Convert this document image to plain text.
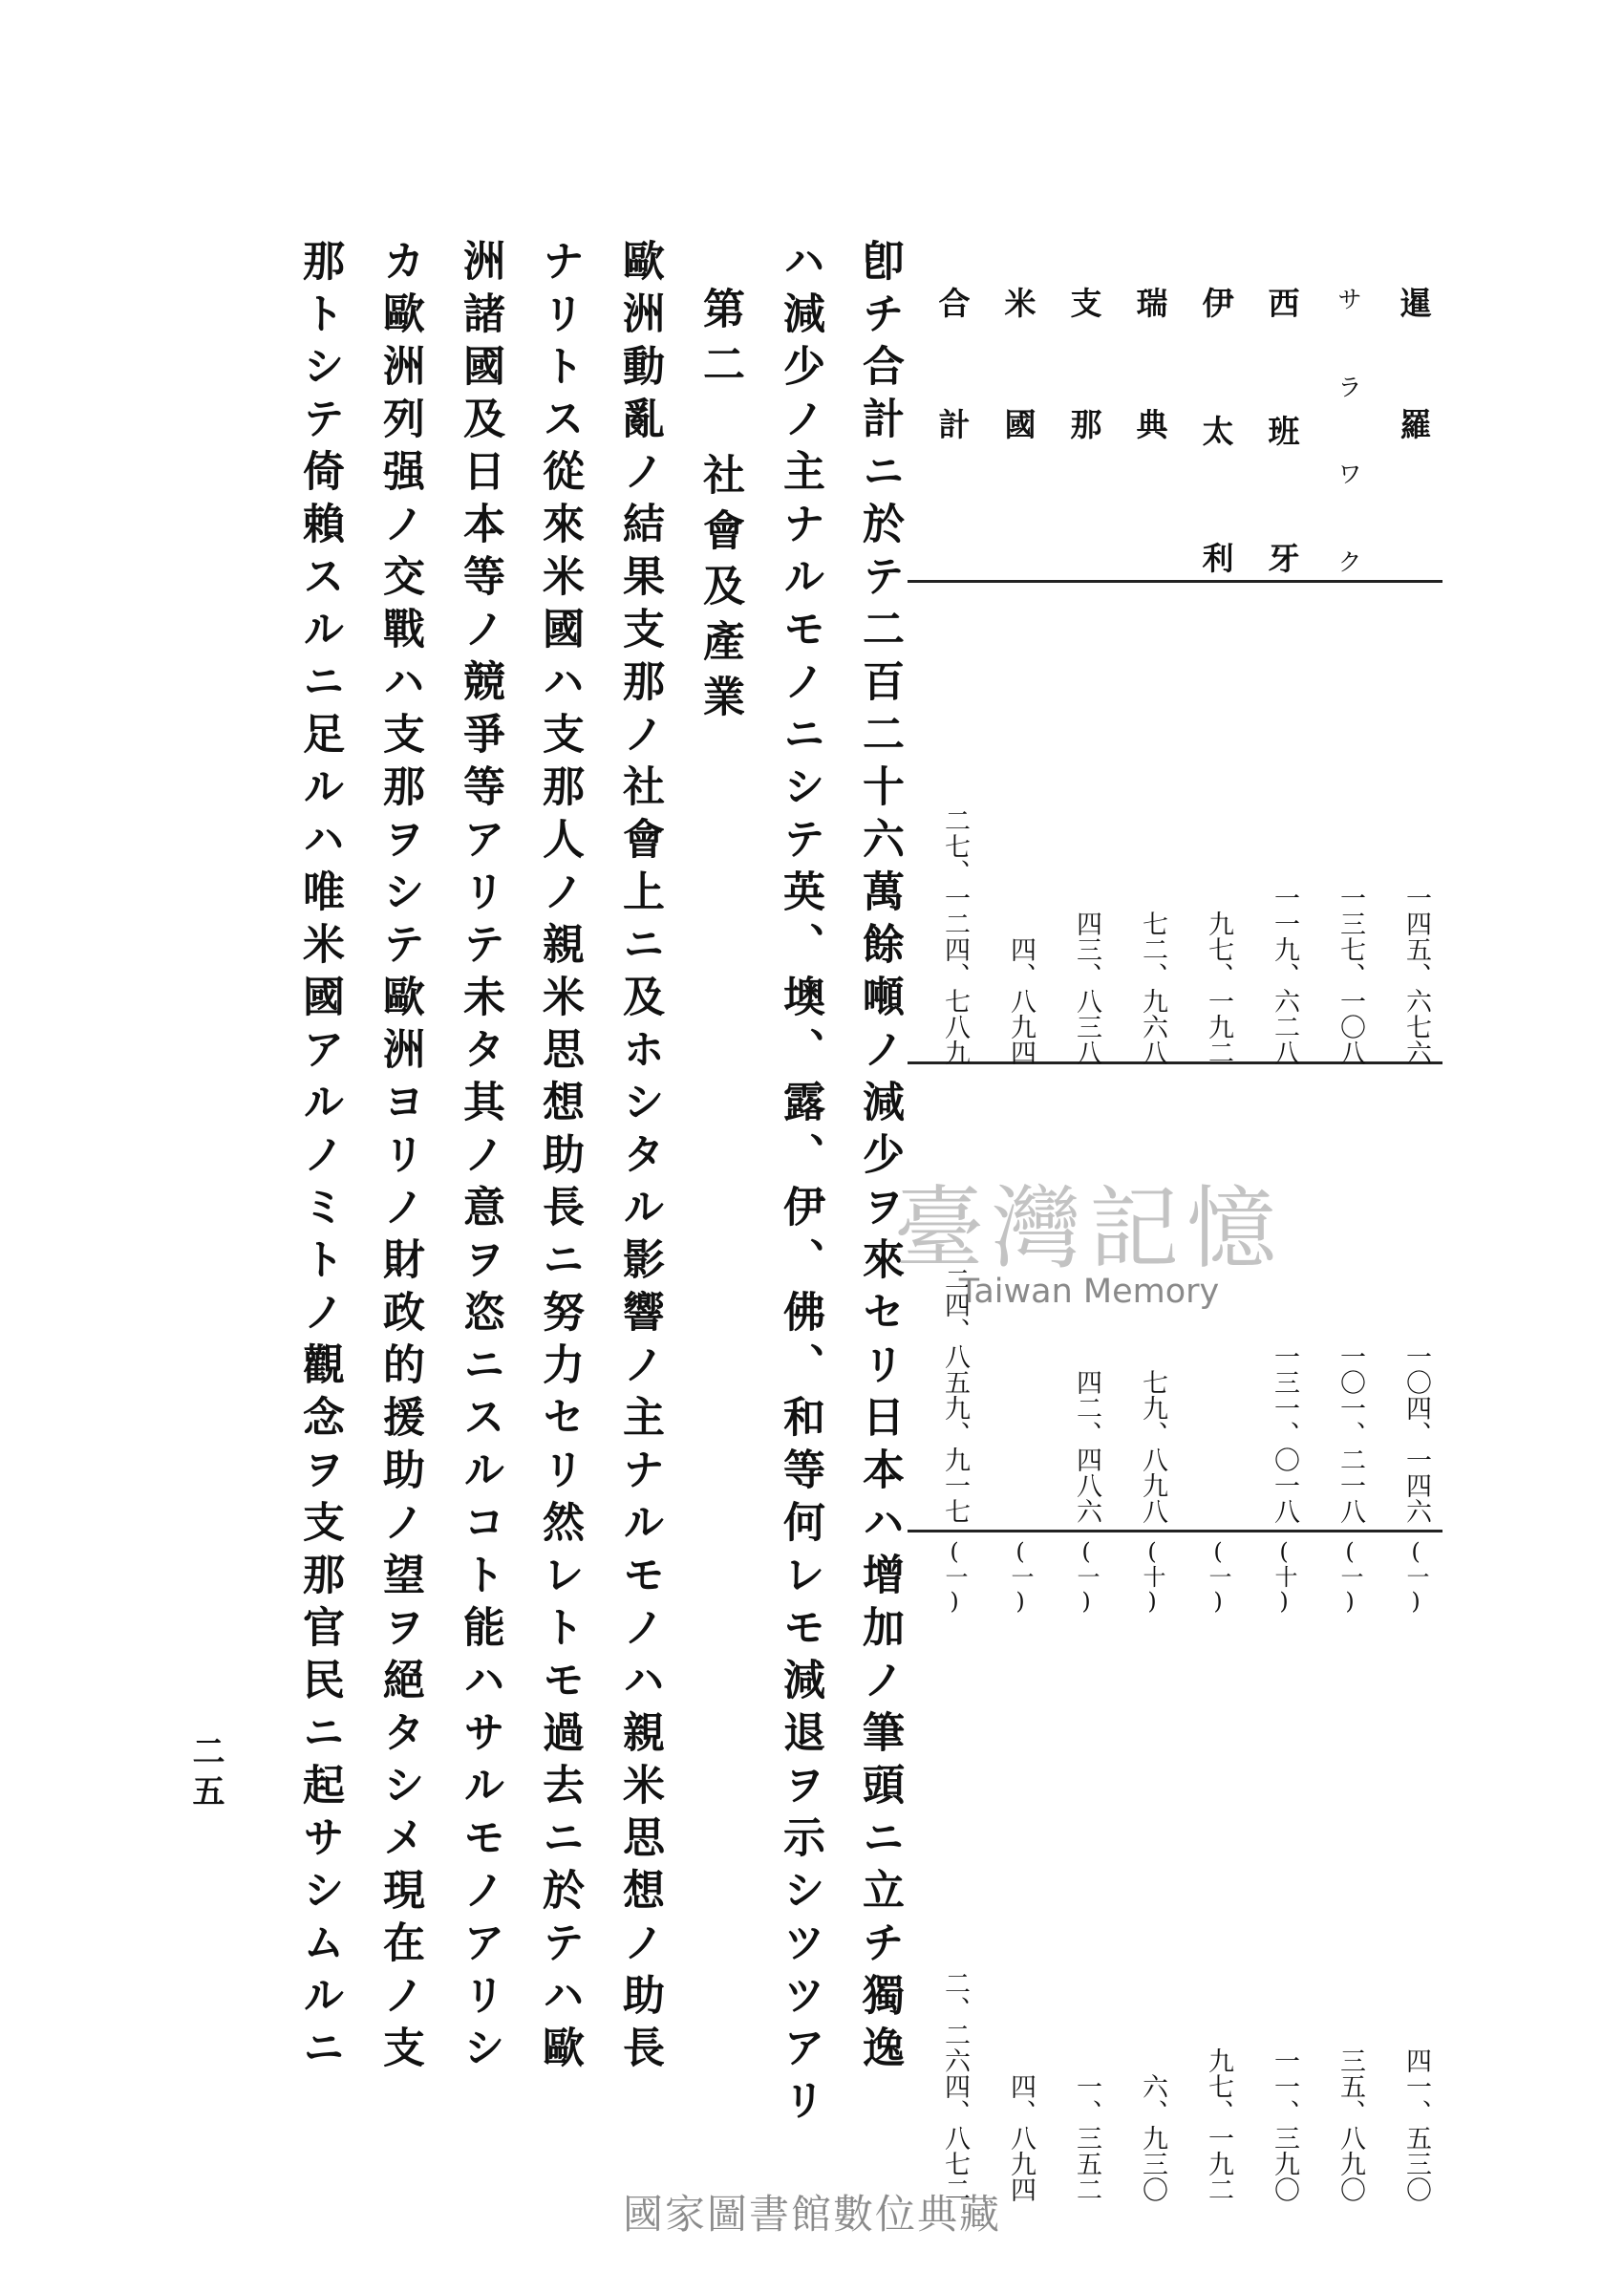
暹
羅
一四五、六七六
一〇四、一四六
(一)
四一、五三〇
サ
ラ
ワ
ク
一三七、一〇八
一〇一、二一八
(一)
三五、八九〇
西
班
牙
一一九、六二八
一三一、〇一八
(十)
一一、三九〇
伊
太
利
九七、一九二
(一)
九七、一九二
瑞
典
七二、九六八
七九、八九八
(十)
六、九三〇
支
那
四三、八三八
四二、四八六
(一)
一、三五二
米
國
四、八九四
(一)
四、八九四
合
計
二七、一二四、七八九
二四、八五九、九一七
(一)
二、二六四、八七二
卽チ合計ニ於テ二百二十六萬餘噸ノ減少ヲ來セリ日本ハ增加ノ筆頭ニ立チ獨逸
ハ減少ノ主ナルモノニシテ英、墺、露、伊、佛、和等何レモ減退ヲ示シツツアリ
第二　社會及產業
歐洲動亂ノ結果支那ノ社會上ニ及ホシタル影響ノ主ナルモノハ親米思想ノ助長
ナリトス從來米國ハ支那人ノ親米思想助長ニ努力セリ然レトモ過去ニ於テハ歐
洲諸國及日本等ノ競爭等アリテ未タ其ノ意ヲ恣ニスルコト能ハサルモノアリシ
カ歐洲列强ノ交戰ハ支那ヲシテ歐洲ヨリノ財政的援助ノ望ヲ絕タシメ現在ノ支
那トシテ倚賴スルニ足ルハ唯米國アルノミトノ觀念ヲ支那官民ニ起サシムルニ
二五
臺灣記憶
Taiwan Memory
國家圖書館數位典藏
